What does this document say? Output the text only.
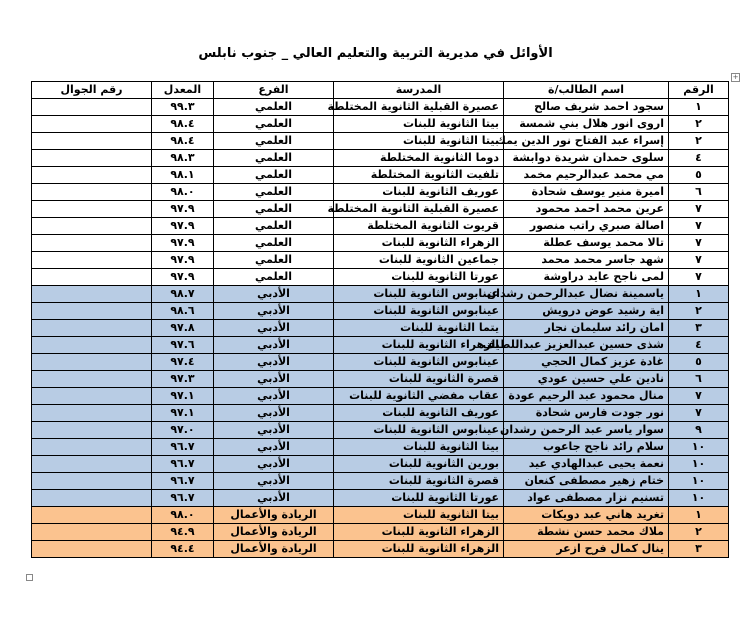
الأوائل في مديرية التربية والتعليم العالي _ جنوب نابلس
+
الرقم	اسم الطالب/ة	المدرسة	الفرع	المعدل	رقم الجوال
١	سجود احمد شريف صالح	عصيرة القبلية الثانوية المختلطة	العلمي	٩٩.٣	
٢	اروى انور هلال بني شمسة	بيتا الثانوية للبنات	العلمي	٩٨.٤	
٢	إسراء عبد الفتاح نور الدين يمك	بيتا الثانوية للبنات	العلمي	٩٨.٤	
٤	سلوى حمدان شريدة دوابشة	دوما الثانوية المختلطة	العلمي	٩٨.٣	
٥	مي محمد عبدالرحيم مخمد	تلفيت الثانوية المختلطة	العلمي	٩٨.١	
٦	اميرة منير يوسف شحادة	عوريف الثانوية للبنات	العلمي	٩٨.٠	
٧	عرين محمد احمد محمود	عصيرة القبلية الثانوية المختلطة	العلمي	٩٧.٩	
٧	اصالة صبري راتب منصور	قريوت الثانوية المختلطة	العلمي	٩٧.٩	
٧	تالا محمد يوسف عطلة	الزهراء الثانوية للبنات	العلمي	٩٧.٩	
٧	شهد جاسر محمد محمد	جماعين الثانوية للبنات	العلمي	٩٧.٩	
٧	لمى ناجح عايد دراوشة	عورتا الثانوية للبنات	العلمي	٩٧.٩	
١	ياسمينة نضال عبدالرحمن رشدان	عينابوس الثانوية للبنات	الأدبي	٩٨.٧	
٢	اية رشيد عوض درويش	عينابوس الثانوية للبنات	الأدبي	٩٨.٦	
٣	امان رائد سليمان نجار	يتما الثانوية للبنات	الأدبي	٩٧.٨	
٤	شذى حسين عبدالعزيز عبداللطيف	الزهراء الثانوية للبنات	الأدبي	٩٧.٦	
٥	غادة عزيز كمال الحجي	عينابوس الثانوية للبنات	الأدبي	٩٧.٤	
٦	نادين علي حسين عودي	قصرة الثانوية للبنات	الأدبي	٩٧.٣	
٧	منال محمود عبد الرحيم عودة	عقاب مفضي الثانوية للبنات	الأدبي	٩٧.١	
٧	نور جودت فارس شحادة	عوريف الثانوية للبنات	الأدبي	٩٧.١	
٩	سوار ياسر عبد الرحمن رشدان	عينابوس الثانوية للبنات	الأدبي	٩٧.٠	
١٠	سلام رائد ناجح جاعوب	بيتا الثانوية للبنات	الأدبي	٩٦.٧	
١٠	نعمة يحيى عبدالهادي عيد	بورين الثانوية للبنات	الأدبي	٩٦.٧	
١٠	ختام زهير مصطفى كنعان	قصرة الثانوية للبنات	الأدبي	٩٦.٧	
١٠	تسنيم نزار مصطفى عواد	عورتا الثانوية للبنات	الأدبي	٩٦.٧	
١	تغريد هاني عبد دويكات	بيتا الثانوية للبنات	الريادة والأعمال	٩٨.٠	
٢	ملاك محمد حسن نشطة	الزهراء الثانوية للبنات	الريادة والأعمال	٩٤.٩	
٣	ينال كمال فرح ازعر	الزهراء الثانوية للبنات	الريادة والأعمال	٩٤.٤	
